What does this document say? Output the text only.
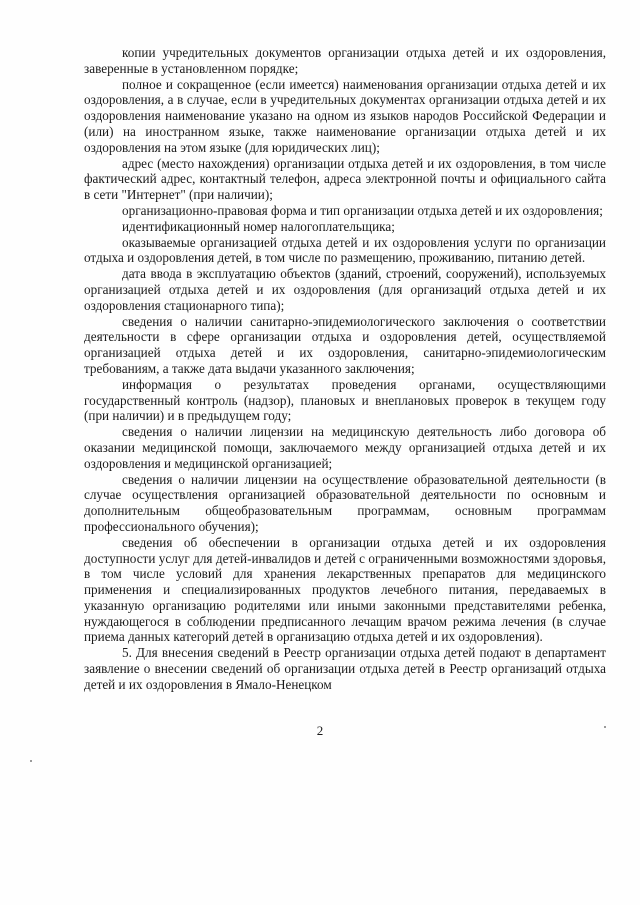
копии учредительных документов организации отдыха детей и их оздоровления, заверенные в установленном порядке;

полное и сокращенное (если имеется) наименования организации отдыха детей и их оздоровления, а в случае, если в учредительных документах организации отдыха детей и их оздоровления наименование указано на одном из языков народов Российской Федерации и (или) на иностранном языке, также наименование организации отдыха детей и их оздоровления на этом языке (для юридических лиц);

адрес (место нахождения) организации отдыха детей и их оздоровления, в том числе фактический адрес, контактный телефон, адреса электронной почты и официального сайта в сети "Интернет" (при наличии);

организационно-правовая форма и тип организации отдыха детей и их оздоровления;

идентификационный номер налогоплательщика;

оказываемые организацией отдыха детей и их оздоровления услуги по организации отдыха и оздоровления детей, в том числе по размещению, проживанию, питанию детей.

дата ввода в эксплуатацию объектов (зданий, строений, сооружений), используемых организацией отдыха детей и их оздоровления (для организаций отдыха детей и их оздоровления стационарного типа);

сведения о наличии санитарно-эпидемиологического заключения о соответствии деятельности в сфере организации отдыха и оздоровления детей, осуществляемой организацией отдыха детей и их оздоровления, санитарно-эпидемиологическим требованиям, а также дата выдачи указанного заключения;

информация о результатах проведения органами, осуществляющими государственный контроль (надзор), плановых и внеплановых проверок в текущем году (при наличии) и в предыдущем году;

сведения о наличии лицензии на медицинскую деятельность либо договора об оказании медицинской помощи, заключаемого между организацией отдыха детей и их оздоровления и медицинской организацией;

сведения о наличии лицензии на осуществление образовательной деятельности (в случае осуществления организацией образовательной деятельности по основным и дополнительным общеобразовательным программам, основным программам профессионального обучения);

сведения об обеспечении в организации отдыха детей и их оздоровления доступности услуг для детей-инвалидов и детей с ограниченными возможностями здоровья, в том числе условий для хранения лекарственных препаратов для медицинского применения и специализированных продуктов лечебного питания, передаваемых в указанную организацию родителями или иными законными представителями ребенка, нуждающегося в соблюдении предписанного лечащим врачом режима лечения (в случае приема данных категорий детей в организацию отдыха детей и их оздоровления).

5. Для внесения сведений в Реестр организации отдыха детей подают в департамент заявление о внесении сведений об организации отдыха детей в Реестр организаций отдыха детей и их оздоровления в Ямало-Ненецком

2
